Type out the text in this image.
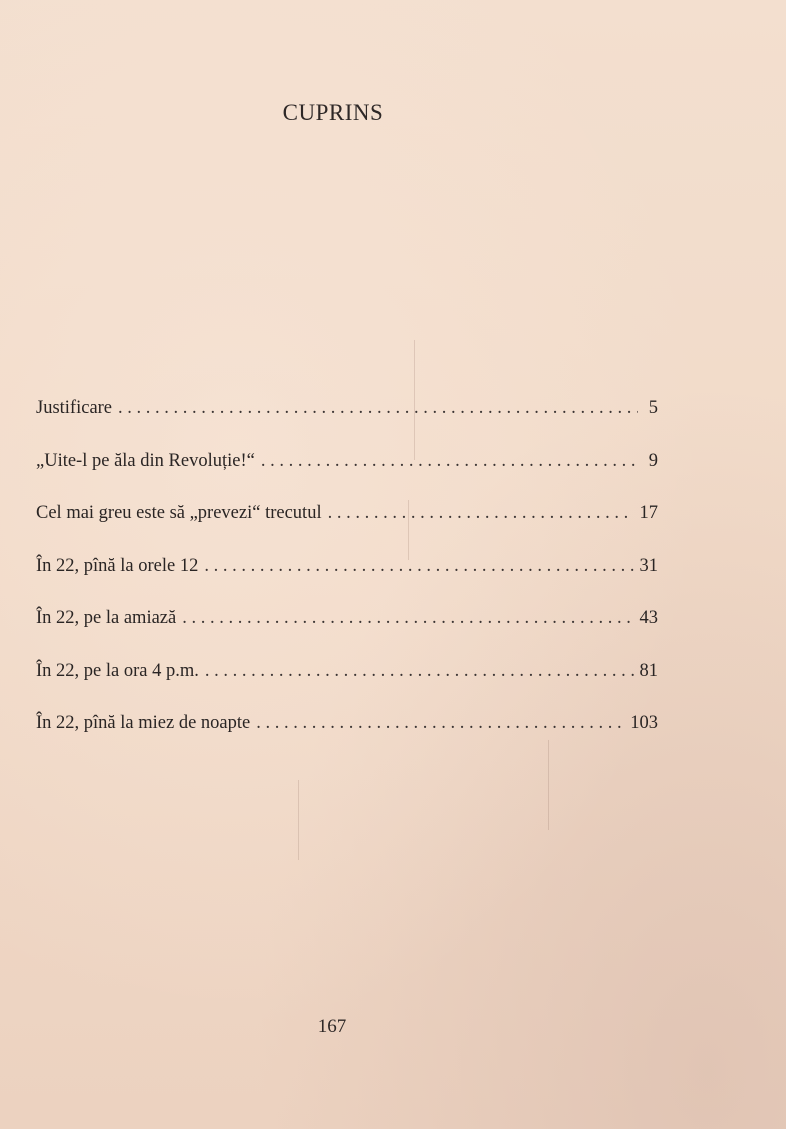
CUPRINS
Justificare . . .	5
„Uite-l pe ăla din Revoluție!“ . . .	9
Cel mai greu este să „prevezi“ trecutul . . .	17
În 22, pînă la orele 12 . . .	31
În 22, pe la amiază . . .	43
În 22, pe la ora 4 p.m. . . .	81
În 22, pînă la miez de noapte . . .	103
167
